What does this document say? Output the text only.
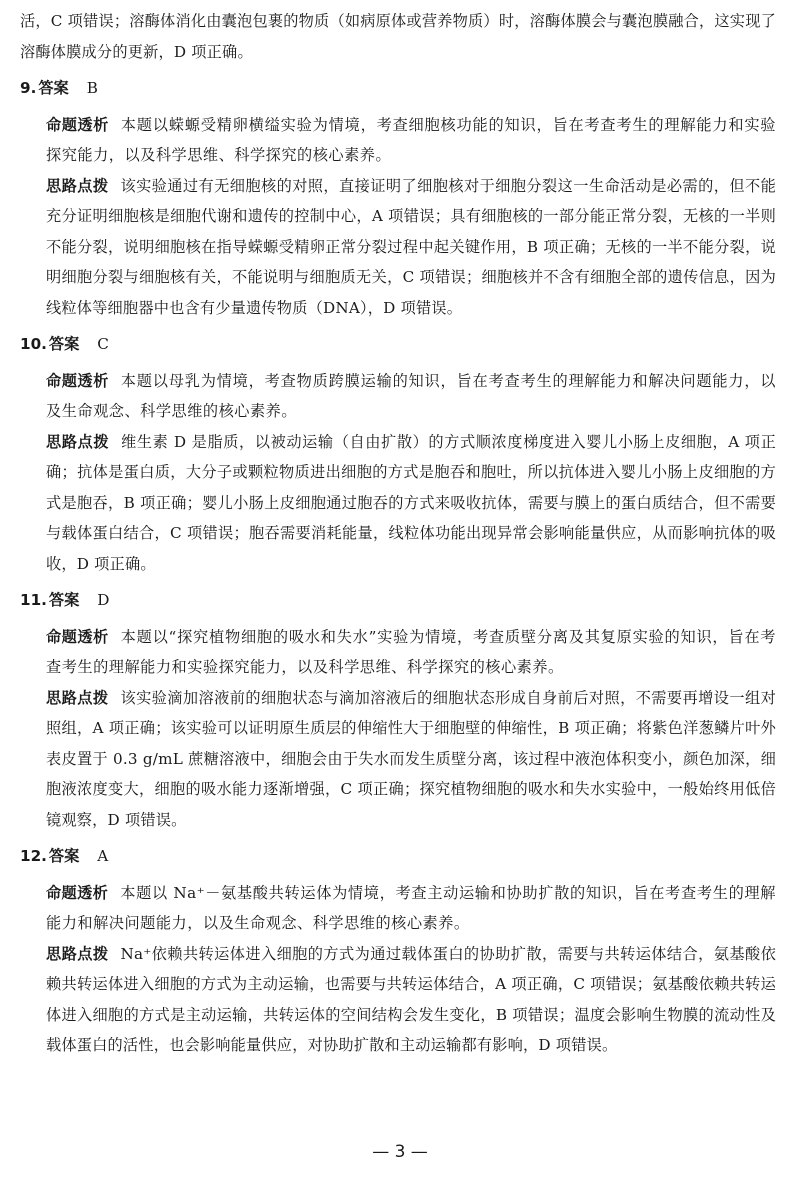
活，C 项错误；溶酶体消化由囊泡包裹的物质（如病原体或营养物质）时，溶酶体膜会与囊泡膜融合，这实现了溶酶体膜成分的更新，D 项正确。

9. 答案 B

命题透析 本题以蝾螈受精卵横缢实验为情境，考查细胞核功能的知识，旨在考查考生的理解能力和实验探究能力，以及科学思维、科学探究的核心素养。

思路点拨 该实验通过有无细胞核的对照，直接证明了细胞核对于细胞分裂这一生命活动是必需的，但不能充分证明细胞核是细胞代谢和遗传的控制中心，A 项错误；具有细胞核的一部分能正常分裂，无核的一半则不能分裂，说明细胞核在指导蝾螈受精卵正常分裂过程中起关键作用，B 项正确；无核的一半不能分裂，说明细胞分裂与细胞核有关，不能说明与细胞质无关，C 项错误；细胞核并不含有细胞全部的遗传信息，因为线粒体等细胞器中也含有少量遗传物质（DNA），D 项错误。

10. 答案 C

命题透析 本题以母乳为情境，考查物质跨膜运输的知识，旨在考查考生的理解能力和解决问题能力，以及生命观念、科学思维的核心素养。

思路点拨 维生素 D 是脂质，以被动运输（自由扩散）的方式顺浓度梯度进入婴儿小肠上皮细胞，A 项正确；抗体是蛋白质，大分子或颗粒物质进出细胞的方式是胞吞和胞吐，所以抗体进入婴儿小肠上皮细胞的方式是胞吞，B 项正确；婴儿小肠上皮细胞通过胞吞的方式来吸收抗体，需要与膜上的蛋白质结合，但不需要与载体蛋白结合，C 项错误；胞吞需要消耗能量，线粒体功能出现异常会影响能量供应，从而影响抗体的吸收，D 项正确。

11. 答案 D

命题透析 本题以“探究植物细胞的吸水和失水”实验为情境，考查质壁分离及其复原实验的知识，旨在考查考生的理解能力和实验探究能力，以及科学思维、科学探究的核心素养。

思路点拨 该实验滴加溶液前的细胞状态与滴加溶液后的细胞状态形成自身前后对照，不需要再增设一组对照组，A 项正确；该实验可以证明原生质层的伸缩性大于细胞壁的伸缩性，B 项正确；将紫色洋葱鳞片叶外表皮置于 0.3 g/mL 蔗糖溶液中，细胞会由于失水而发生质壁分离，该过程中液泡体积变小，颜色加深，细胞液浓度变大，细胞的吸水能力逐渐增强，C 项正确；探究植物细胞的吸水和失水实验中，一般始终用低倍镜观察，D 项错误。

12. 答案 A

命题透析 本题以 Na⁺－氨基酸共转运体为情境，考查主动运输和协助扩散的知识，旨在考查考生的理解能力和解决问题能力，以及生命观念、科学思维的核心素养。

思路点拨 Na⁺依赖共转运体进入细胞的方式为通过载体蛋白的协助扩散，需要与共转运体结合，氨基酸依赖共转运体进入细胞的方式为主动运输，也需要与共转运体结合，A 项正确，C 项错误；氨基酸依赖共转运体进入细胞的方式是主动运输，共转运体的空间结构会发生变化，B 项错误；温度会影响生物膜的流动性及载体蛋白的活性，也会影响能量供应，对协助扩散和主动运输都有影响，D 项错误。

— 3 —
